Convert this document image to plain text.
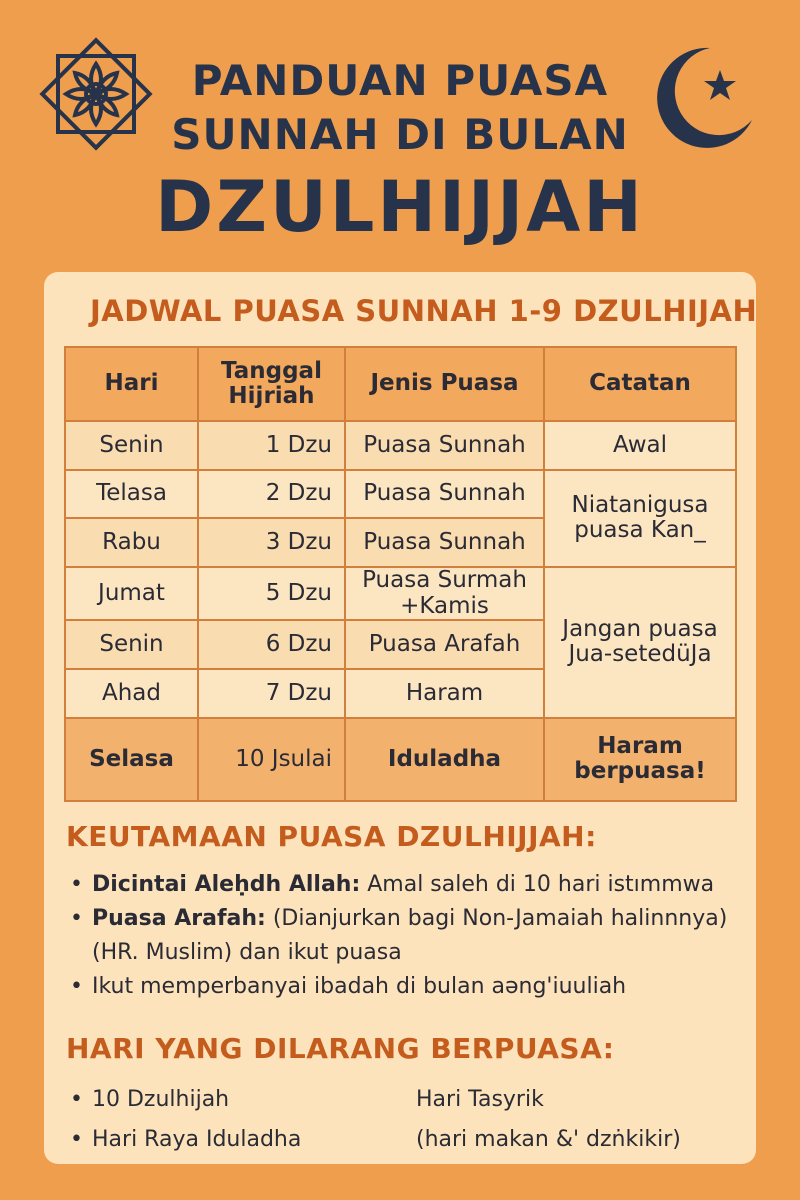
PANDUAN PUASA
SUNNAH DI BULAN
DZULHIJJAH
JADWAL PUASA SUNNAH 1-9 DZULHIJAH
Hari	Tanggal Hijriah	Jenis Puasa	Catatan
Senin	1 Dzu	Puasa Sunnah	Awal
Telasa	2 Dzu	Puasa Sunnah	Niatanigusa puasa Kan_
Rabu	3 Dzu	Puasa Sunnah	
Jumat	5 Dzu	Puasa Surmah +Kamis	Jangan puasa Jua-setedüJa
Senin	6 Dzu	Puasa Arafah	
Ahad	7 Dzu	Haram	
Selasa	10 Jsulai	Iduladha	Haram berpuasa!
KEUTAMAAN PUASA DZULHIJJAH:
• Dicintai Aleḥdh Allah: Amal saleh di 10 hari istımmwa
• Puasa Arafah: (Dianjurkan bagi Non-Jamaiah halinnnya) (HR. Muslim) dan ikut puasa
• Ikut memperbanyai ibadah di bulan aǝng'iuuliah
HARI YANG DILARANG BERPUASA:
• 10 Dzulhijah
• Hari Raya Iduladha
Hari Tasyrik
(hari makan &' dzṅkikir)
